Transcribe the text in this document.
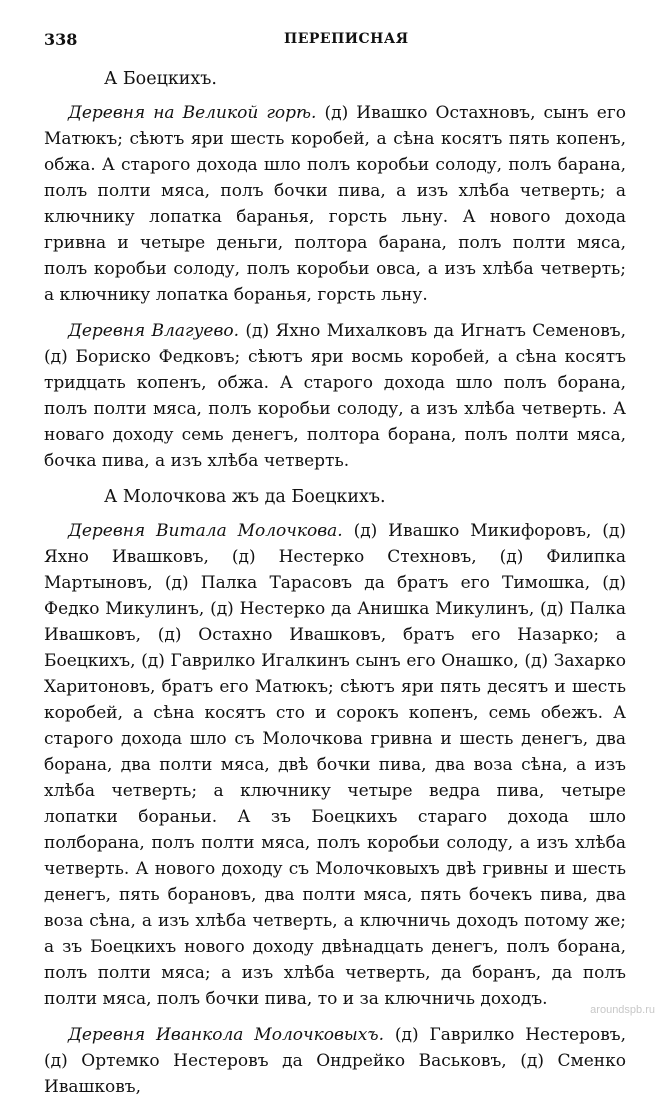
338	ПЕРЕПИСНАЯ
А Боецкихъ.

Деревня на Великой горѣ. (д) Ивашко Остахновъ, сынъ его Матюкъ; сѣютъ яри шесть коробей, а сѣна косятъ пять копенъ, обжа. А старого дохода шло полъ коробьи солоду, полъ барана, полъ полти мяса, полъ бочки пива, а изъ хлѣба четверть; а ключнику лопатка баранья, горсть льну. А нового дохода гривна и четыре деньги, полтора барана, полъ полти мяса, полъ коробьи солоду, полъ коробьи овса, а изъ хлѣба четверть; а ключнику лопатка боранья, горсть льну.

Деревня Влагуево. (д) Яхно Михалковъ да Игнатъ Семеновъ, (д) Бориско Федковъ; сѣютъ яри восмь коробей, а сѣна косятъ тридцать копенъ, обжа. А старого дохода шло полъ борана, полъ полти мяса, полъ коробьи солоду, а изъ хлѣба четверть. А новаго доходу семь денегъ, полтора борана, полъ полти мяса, бочка пива, а изъ хлѣба четверть.

А Молочкова жъ да Боецкихъ.

Деревня Витала Молочкова. (д) Ивашко Микифоровъ, (д) Яхно Ивашковъ, (д) Нестерко Стехновъ, (д) Филипка Мартыновъ, (д) Палка Тарасовъ да братъ его Тимошка, (д) Федко Микулинъ, (д) Нестерко да Анишка Микулинъ, (д) Палка Ивашковъ, (д) Остахно Ивашковъ, братъ его Назарко; а Боецкихъ, (д) Гаврилко Игалкинъ сынъ его Онашко, (д) Захарко Харитоновъ, братъ его Матюкъ; сѣютъ яри пять десятъ и шесть коробей, а сѣна косятъ сто и сорокъ копенъ, семь обежъ. А старого дохода шло съ Молочкова гривна и шесть денегъ, два борана, два полти мяса, двѣ бочки пива, два воза сѣна, а изъ хлѣба четверть; а ключнику четыре ведра пива, четыре лопатки бораньи. А зъ Боецкихъ стараго дохода шло полборана, полъ полти мяса, полъ коробьи солоду, а изъ хлѣба четверть. А нового доходу съ Молочковыхъ двѣ гривны и шесть денегъ, пять борановъ, два полти мяса, пять бочекъ пива, два воза сѣна, а изъ хлѣба четверть, а ключничь доходъ потому же; а зъ Боецкихъ нового доходу двѣнадцать денегъ, полъ борана, полъ полти мяса; а изъ хлѣба четверть, да боранъ, да полъ полти мяса, полъ бочки пива, то и за ключничь доходъ.

Деревня Иванкола Молочковыхъ. (д) Гаврилко Нестеровъ, (д) Ортемко Нестеровъ да Ондрейко Васьковъ, (д) Сменко Ивашковъ,

aroundspb.ru
